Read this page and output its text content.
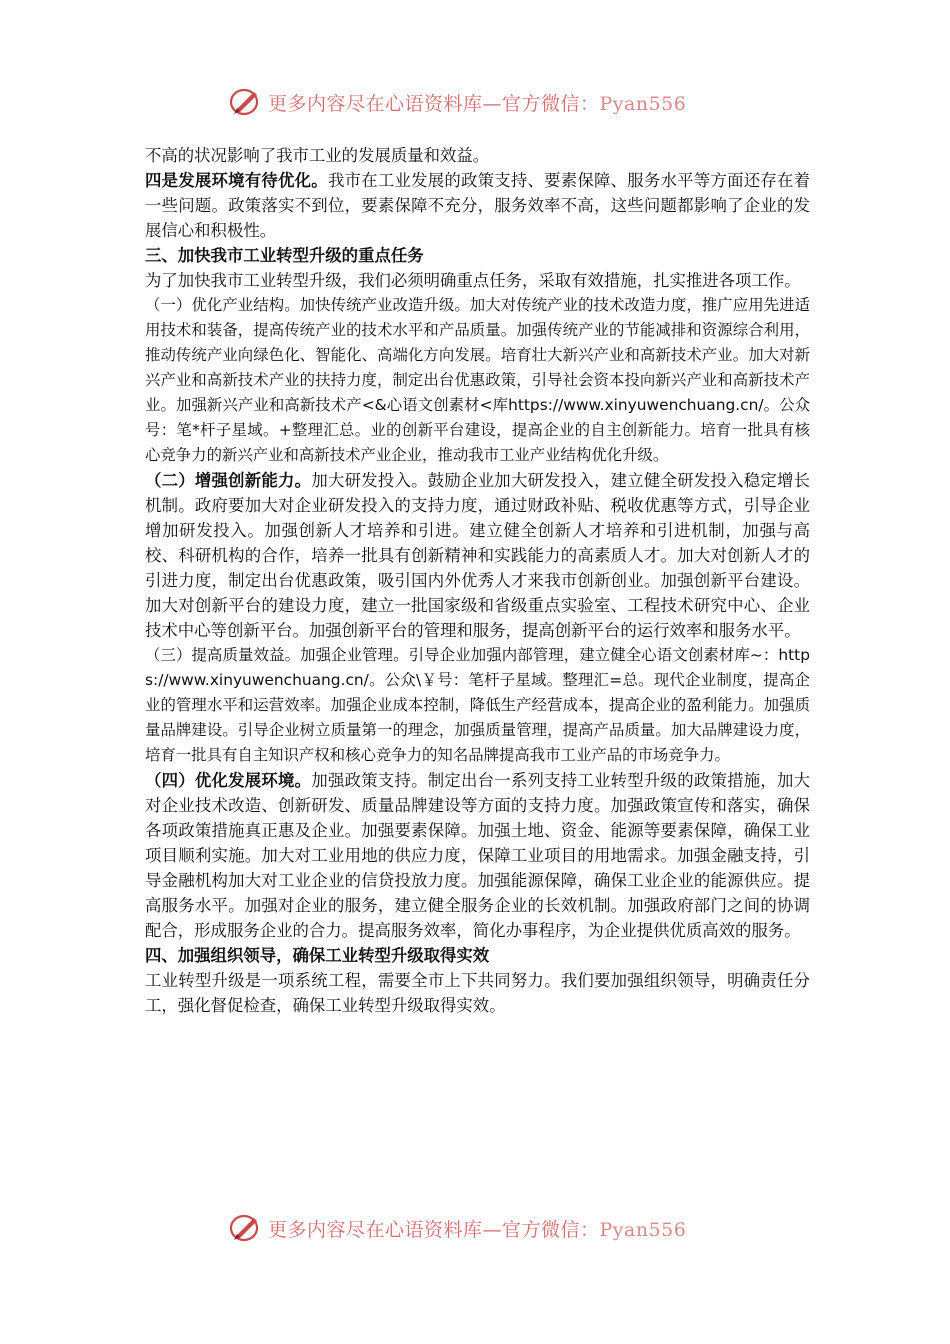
更多内容尽在心语资料库—官方微信：Pyan556

不高的状况影响了我市工业的发展质量和效益。

四是发展环境有待优化。我市在工业发展的政策支持、要素保障、服务水平等方面还存在着一些问题。政策落实不到位，要素保障不充分，服务效率不高，这些问题都影响了企业的发展信心和积极性。

三、加快我市工业转型升级的重点任务

为了加快我市工业转型升级，我们必须明确重点任务，采取有效措施，扎实推进各项工作。

（一）优化产业结构。加快传统产业改造升级。加大对传统产业的技术改造力度，推广应用先进适用技术和装备，提高传统产业的技术水平和产品质量。加强传统产业的节能减排和资源综合利用，推动传统产业向绿色化、智能化、高端化方向发展。培育壮大新兴产业和高新技术产业。加大对新兴产业和高新技术产业的扶持力度，制定出台优惠政策，引导社会资本投向新兴产业和高新技术产业。加强新兴产业和高新技术产<&心语文创素材<库https://www.xinyuwenchuang.cn/。公众号：笔*杆子星域。+整理汇总。业的创新平台建设，提高企业的自主创新能力。培育一批具有核心竞争力的新兴产业和高新技术产业企业，推动我市工业产业结构优化升级。

（二）增强创新能力。加大研发投入。鼓励企业加大研发投入，建立健全研发投入稳定增长机制。政府要加大对企业研发投入的支持力度，通过财政补贴、税收优惠等方式，引导企业增加研发投入。加强创新人才培养和引进。建立健全创新人才培养和引进机制，加强与高校、科研机构的合作，培养一批具有创新精神和实践能力的高素质人才。加大对创新人才的引进力度，制定出台优惠政策，吸引国内外优秀人才来我市创新创业。加强创新平台建设。加大对创新平台的建设力度，建立一批国家级和省级重点实验室、工程技术研究中心、企业技术中心等创新平台。加强创新平台的管理和服务，提高创新平台的运行效率和服务水平。

（三）提高质量效益。加强企业管理。引导企业加强内部管理，建立健全心语文创素材库~：https://www.xinyuwenchuang.cn/。公众\￥号：笔杆子星域。整理汇=总。现代企业制度，提高企业的管理水平和运营效率。加强企业成本控制，降低生产经营成本，提高企业的盈利能力。加强质量品牌建设。引导企业树立质量第一的理念，加强质量管理，提高产品质量。加大品牌建设力度，培育一批具有自主知识产权和核心竞争力的知名品牌提高我市工业产品的市场竞争力。

（四）优化发展环境。加强政策支持。制定出台一系列支持工业转型升级的政策措施，加大对企业技术改造、创新研发、质量品牌建设等方面的支持力度。加强政策宣传和落实，确保各项政策措施真正惠及企业。加强要素保障。加强土地、资金、能源等要素保障，确保工业项目顺利实施。加大对工业用地的供应力度，保障工业项目的用地需求。加强金融支持，引导金融机构加大对工业企业的信贷投放力度。加强能源保障，确保工业企业的能源供应。提高服务水平。加强对企业的服务，建立健全服务企业的长效机制。加强政府部门之间的协调配合，形成服务企业的合力。提高服务效率，简化办事程序，为企业提供优质高效的服务。

四、加强组织领导，确保工业转型升级取得实效

工业转型升级是一项系统工程，需要全市上下共同努力。我们要加强组织领导，明确责任分工，强化督促检查，确保工业转型升级取得实效。

更多内容尽在心语资料库—官方微信：Pyan556
